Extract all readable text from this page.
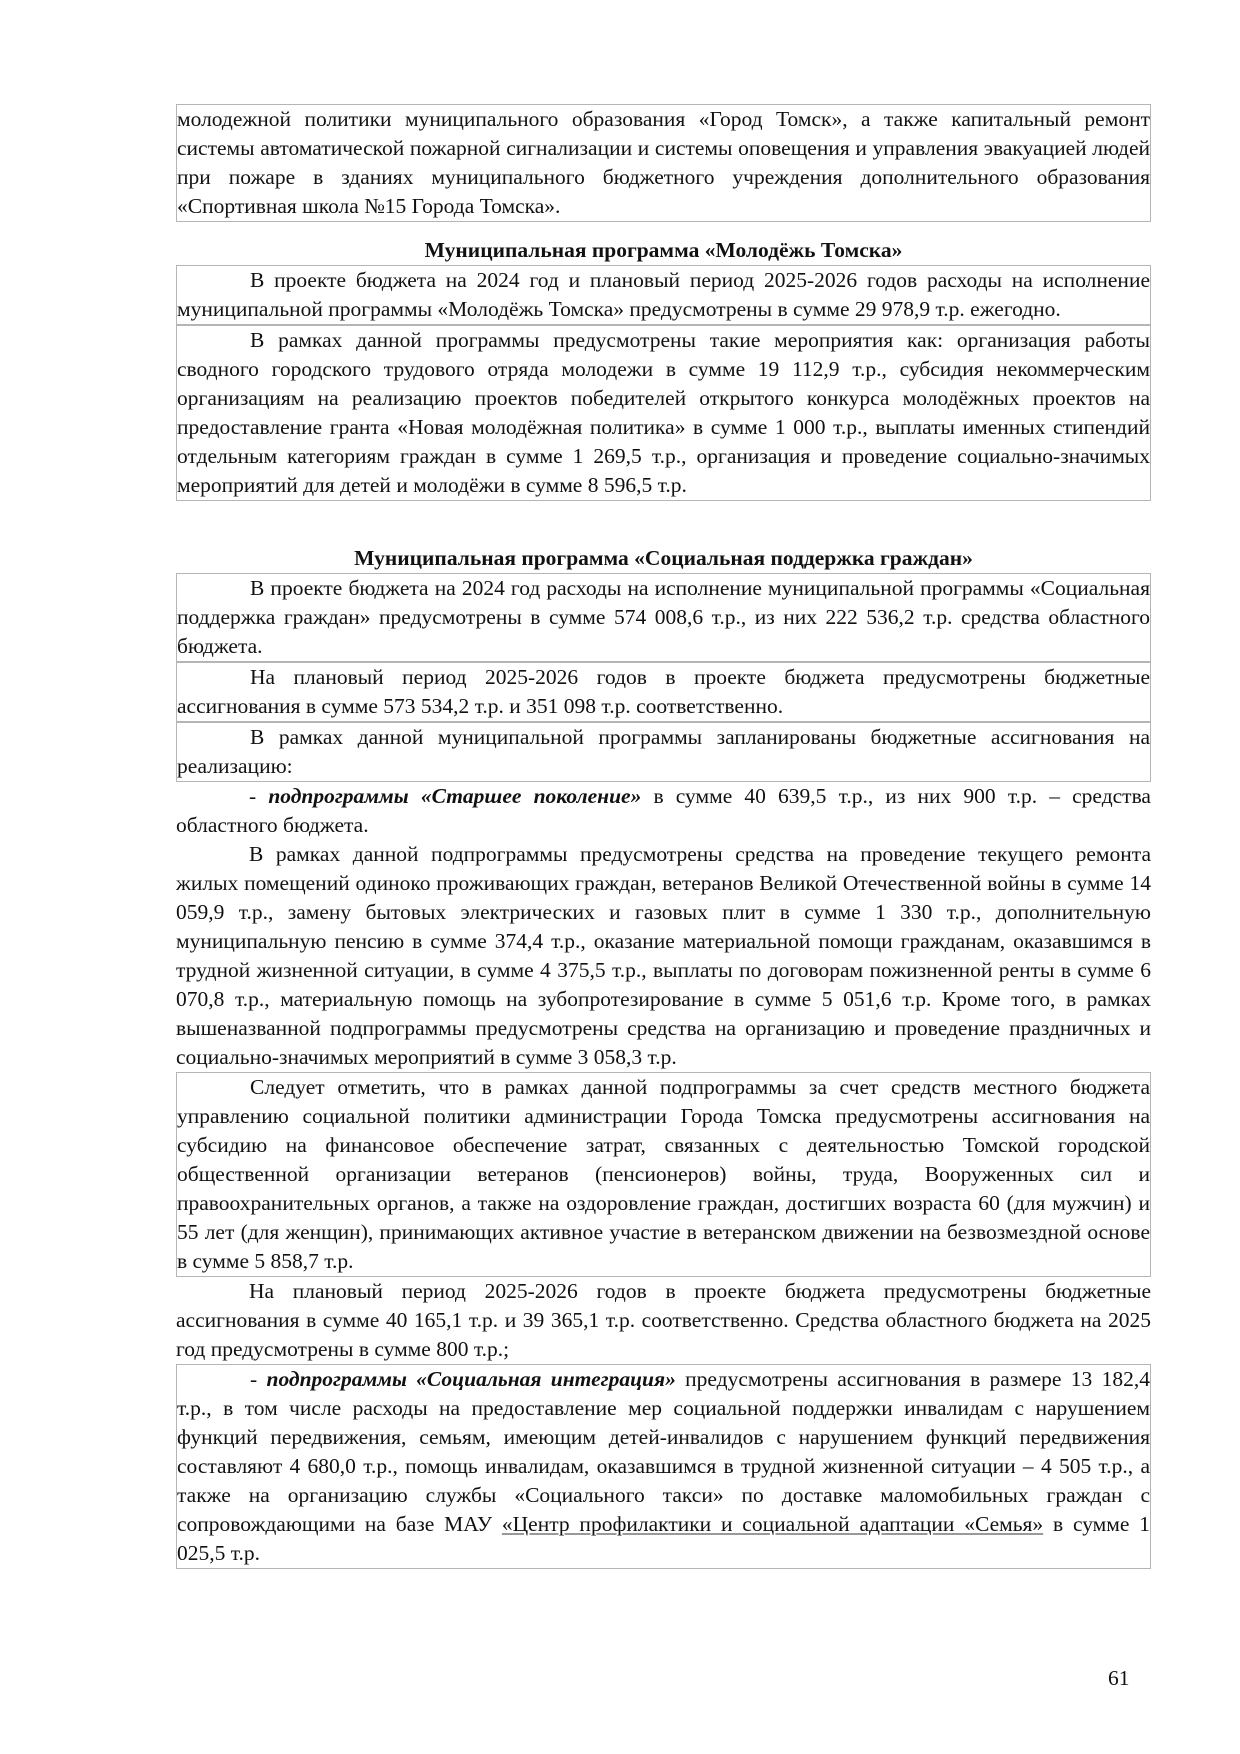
молодежной политики муниципального образования «Город Томск», а также капитальный ремонт системы автоматической пожарной сигнализации и системы оповещения и управления эвакуацией людей при пожаре в зданиях муниципального бюджетного учреждения дополнительного образования «Спортивная школа №15 Города Томска».

Муниципальная программа «Молодёжь Томска»

В проекте бюджета на 2024 год и плановый период 2025-2026 годов расходы на исполнение муниципальной программы «Молодёжь Томска» предусмотрены в сумме 29 978,9 т.р. ежегодно.

В рамках данной программы предусмотрены такие мероприятия как: организация работы сводного городского трудового отряда молодежи в сумме 19 112,9 т.р., субсидия некоммерческим организациям на реализацию проектов победителей открытого конкурса молодёжных проектов на предоставление гранта «Новая молодёжная политика» в сумме 1 000 т.р., выплаты именных стипендий отдельным категориям граждан в сумме 1 269,5 т.р., организация и проведение социально-значимых мероприятий для детей и молодёжи в сумме 8 596,5 т.р.

Муниципальная программа «Социальная поддержка граждан»

В проекте бюджета на 2024 год расходы на исполнение муниципальной программы «Социальная поддержка граждан» предусмотрены в сумме 574 008,6 т.р., из них 222 536,2 т.р. средства областного бюджета.

На плановый период 2025-2026 годов в проекте бюджета предусмотрены бюджетные ассигнования в сумме 573 534,2 т.р. и 351 098 т.р. соответственно.

В рамках данной муниципальной программы запланированы бюджетные ассигнования на реализацию:

- подпрограммы «Старшее поколение» в сумме 40 639,5 т.р., из них 900 т.р. – средства областного бюджета.

В рамках данной подпрограммы предусмотрены средства на проведение текущего ремонта жилых помещений одиноко проживающих граждан, ветеранов Великой Отечественной войны в сумме 14 059,9 т.р., замену бытовых электрических и газовых плит в сумме 1 330 т.р., дополнительную муниципальную пенсию в сумме 374,4 т.р., оказание материальной помощи гражданам, оказавшимся в трудной жизненной ситуации, в сумме 4 375,5 т.р., выплаты по договорам пожизненной ренты в сумме 6 070,8 т.р., материальную помощь на зубопротезирование в сумме 5 051,6 т.р. Кроме того, в рамках вышеназванной подпрограммы предусмотрены средства на организацию и проведение праздничных и социально-значимых мероприятий в сумме 3 058,3 т.р.

Следует отметить, что в рамках данной подпрограммы за счет средств местного бюджета управлению социальной политики администрации Города Томска предусмотрены ассигнования на субсидию на финансовое обеспечение затрат, связанных с деятельностью Томской городской общественной организации ветеранов (пенсионеров) войны, труда, Вооруженных сил и правоохранительных органов, а также на оздоровление граждан, достигших возраста 60 (для мужчин) и 55 лет (для женщин), принимающих активное участие в ветеранском движении на безвозмездной основе в сумме 5 858,7 т.р.

На плановый период 2025-2026 годов в проекте бюджета предусмотрены бюджетные ассигнования в сумме 40 165,1 т.р. и 39 365,1 т.р. соответственно. Средства областного бюджета на 2025 год предусмотрены в сумме 800 т.р.;

- подпрограммы «Социальная интеграция» предусмотрены ассигнования в размере 13 182,4 т.р., в том числе расходы на предоставление мер социальной поддержки инвалидам с нарушением функций передвижения, семьям, имеющим детей-инвалидов с нарушением функций передвижения составляют 4 680,0 т.р., помощь инвалидам, оказавшимся в трудной жизненной ситуации – 4 505 т.р., а также на организацию службы «Социального такси» по доставке маломобильных граждан с сопровождающими на базе МАУ «Центр профилактики и социальной адаптации «Семья» в сумме 1 025,5 т.р.

61
